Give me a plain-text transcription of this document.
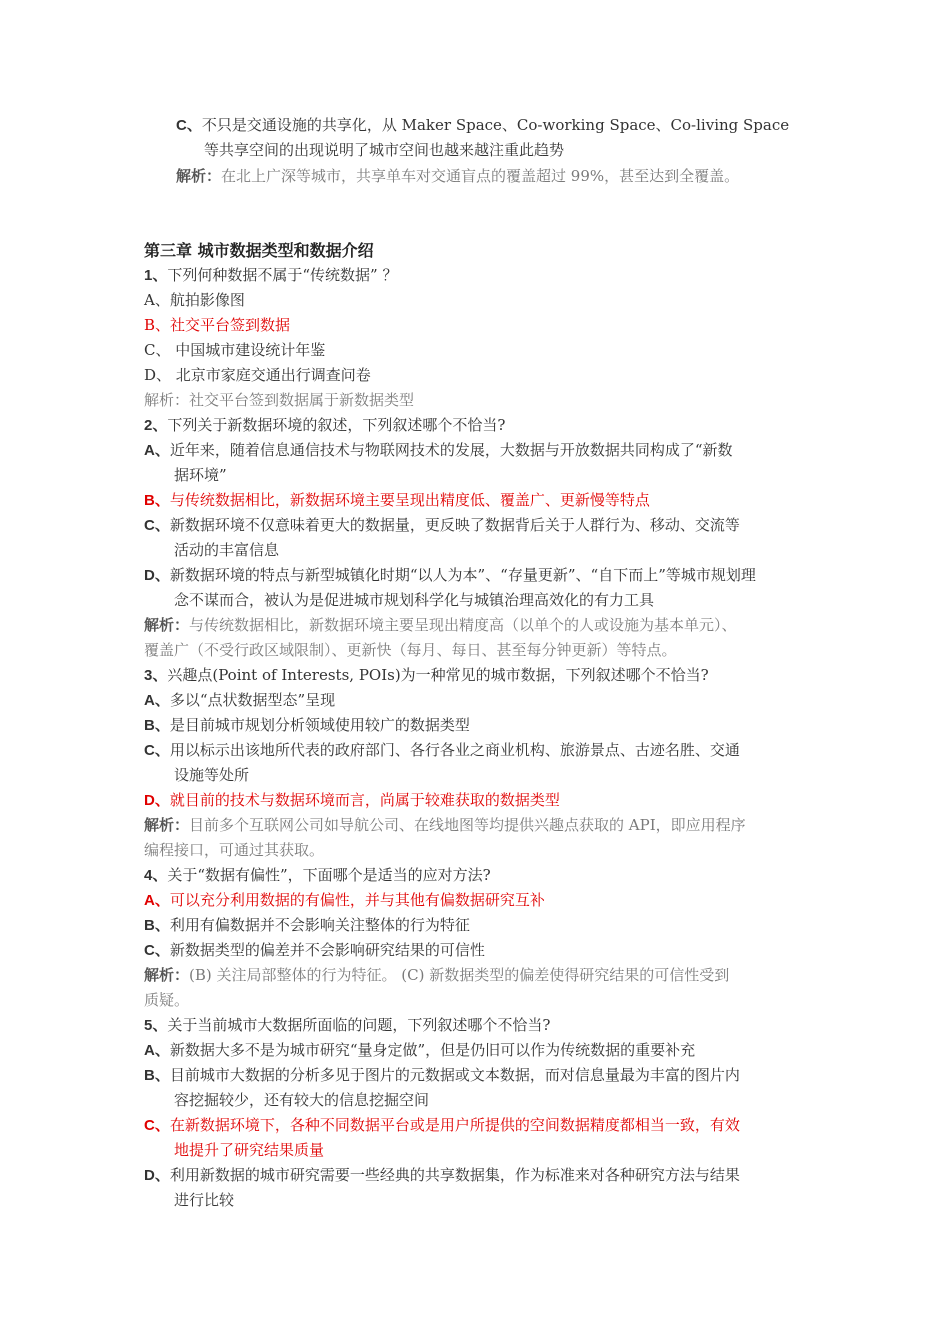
C、不只是交通设施的共享化，从 Maker Space、Co-working Space、Co-living Space
等共享空间的出现说明了城市空间也越来越注重此趋势
解析：在北上广深等城市，共享单车对交通盲点的覆盖超过 99%，甚至达到全覆盖。
第三章 城市数据类型和数据介绍
1、下列何种数据不属于“传统数据” ？
A、航拍影像图
B、社交平台签到数据
C、 中国城市建设统计年鉴
D、 北京市家庭交通出行调查问卷
解析：社交平台签到数据属于新数据类型
2、下列关于新数据环境的叙述，下列叙述哪个不恰当?
A、近年来，随着信息通信技术与物联网技术的发展，大数据与开放数据共同构成了“新数
据环境”
B、与传统数据相比，新数据环境主要呈现出精度低、覆盖广、更新慢等特点
C、新数据环境不仅意味着更大的数据量，更反映了数据背后关于人群行为、移动、交流等
活动的丰富信息
D、新数据环境的特点与新型城镇化时期“以人为本”、“存量更新”、“自下而上”等城市规划理
念不谋而合，被认为是促进城市规划科学化与城镇治理高效化的有力工具
解析：与传统数据相比，新数据环境主要呈现出精度高（以单个的人或设施为基本单元）、
覆盖广（不受行政区域限制）、更新快（每月、每日、甚至每分钟更新）等特点。
3、兴趣点(Point of Interests, POIs)为一种常见的城市数据，下列叙述哪个不恰当?
A、多以“点状数据型态”呈现
B、是目前城市规划分析领域使用较广的数据类型
C、用以标示出该地所代表的政府部门、各行各业之商业机构、旅游景点、古迹名胜、交通
设施等处所
D、就目前的技术与数据环境而言，尚属于较难获取的数据类型
解析：目前多个互联网公司如导航公司、在线地图等均提供兴趣点获取的 API，即应用程序
编程接口，可通过其获取。
4、关于“数据有偏性”，下面哪个是适当的应对方法?
A、可以充分利用数据的有偏性，并与其他有偏数据研究互补
B、利用有偏数据并不会影响关注整体的行为特征
C、新数据类型的偏差并不会影响研究结果的可信性
解析：(B) 关注局部整体的行为特征。 (C) 新数据类型的偏差使得研究结果的可信性受到
质疑。
5、关于当前城市大数据所面临的问题，下列叙述哪个不恰当?
A、新数据大多不是为城市研究“量身定做”，但是仍旧可以作为传统数据的重要补充
B、目前城市大数据的分析多见于图片的元数据或文本数据，而对信息量最为丰富的图片内
容挖掘较少，还有较大的信息挖掘空间
C、在新数据环境下，各种不同数据平台或是用户所提供的空间数据精度都相当一致，有效
地提升了研究结果质量
D、利用新数据的城市研究需要一些经典的共享数据集，作为标准来对各种研究方法与结果
进行比较
